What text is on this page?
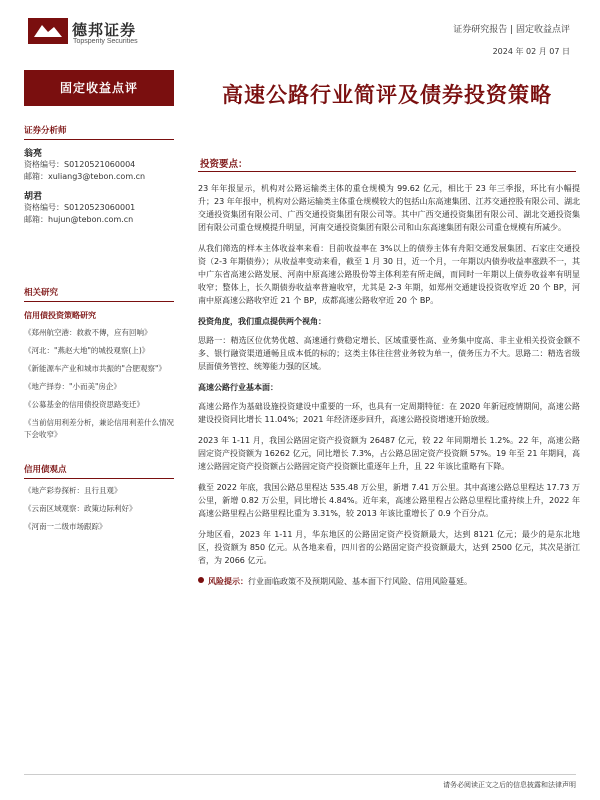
德邦证券
Topsperity Securities
证券研究报告 | 固定收益点评
2024 年 02 月 07 日
固定收益点评
证券分析师
翁亮
资格编号：S0120521060004
邮箱：xuliang3@tebon.com.cn
胡君
资格编号：S0120523060001
邮箱：hujun@tebon.com.cn
相关研究
信用债投资策略研究
《郑州航空港：救救不傳，应有回响》
《河北："燕赵大地"的城投观察(上)》
《新能源车产业和城市共振的"合肥观察"》
《地产择券："小而美"房企》
《公募基金的信用债投资思路变迁》
《当前信用利差分析，兼论信用利差什么情况下会收窄》
信用债观点
《地产彩券探析：且行且观》
《云南区域观察：政策边际利好》
《河南一二级市场跟踪》
高速公路行业简评及债券投资策略
投资要点：

23 年年报显示，机构对公路运输类主体的重仓规模为 99.62 亿元，相比于 23 年三季报，环比有小幅提升；23 年年报中，机构对公路运输类主体重仓规模较大的包括山东高速集团、江苏交通控股有限公司、湖北交通投资集团有限公司、广西交通投资集团有限公司等。其中广西交通投资集团有限公司、湖北交通投资集团有限公司重仓规模提升明显，河南交通投资集团有限公司和山东高速集团有限公司重仓规模有所减少。

从我们筛选的样本主体收益率来看：目前收益率在 3%以上的债券主体有舟阳交通发展集团、石家庄交通投资（2-3 年期债券）；从收益率变动来看，截至 1 月 30 日，近一个月，一年期以内债券收益率涨跌不一，其中广东省高速公路发展、河南中原高速公路股份等主体利差有所走阔，而同时一年期以上债券收益率有明显收窄；整体上，长久期债券收益率普遍收窄，尤其是 2-3 年期，如郑州交通建设投资收窄近 20 个 BP，河南中原高速公路收窄近 21 个 BP，成都高速公路收窄近 20 个 BP。

投资角度，我们重点提供两个视角：

思路一：精选区位优势优越、高速通行费稳定增长、区域重要性高、业务集中度高、非主业相关投资金额不多、银行融资渠道通畅且成本低的标的；这类主体往往营业务较为单一，债务压力不大。思路二：精选省级层面债务管控、统筹能力强的区域。

高速公路行业基本面：

高速公路作为基础设施投资建设中重要的一环，也具有一定周期特征：在 2020 年新冠疫情期间，高速公路建设投资同比增长 11.04%；2021 年经济逐步回升，高速公路投资增速开始放缓。

2023 年 1-11 月，我国公路固定资产投资额为 26487 亿元，较 22 年同期增长 1.2%。22 年，高速公路固定资产投资额为 16262 亿元，同比增长 7.3%，占公路总固定资产投资额 57%。19 年至 21 年期间，高速公路固定资产投资额占公路固定资产投资额比重逐年上升，且 22 年该比重略有下降。

截至 2022 年底，我国公路总里程达 535.48 万公里，新增 7.41 万公里。其中高速公路总里程达 17.73 万公里，新增 0.82 万公里，同比增长 4.84%。近年来，高速公路里程占公路总里程比重持续上升，2022 年高速公路里程占公路里程比重为 3.31%，较 2013 年该比重增长了 0.9 个百分点。

分地区看，2023 年 1-11 月，华东地区的公路固定资产投资额最大，达到 8121 亿元；最少的是东北地区，投资额为 850 亿元。从各地来看，四川省的公路固定资产投资额最大，达到 2500 亿元，其次是浙江省，为 2066 亿元。

风险提示：行业面临政策不及预期风险、基本面下行风险、信用风险蔓延。
请务必阅读正文之后的信息披露和法律声明
